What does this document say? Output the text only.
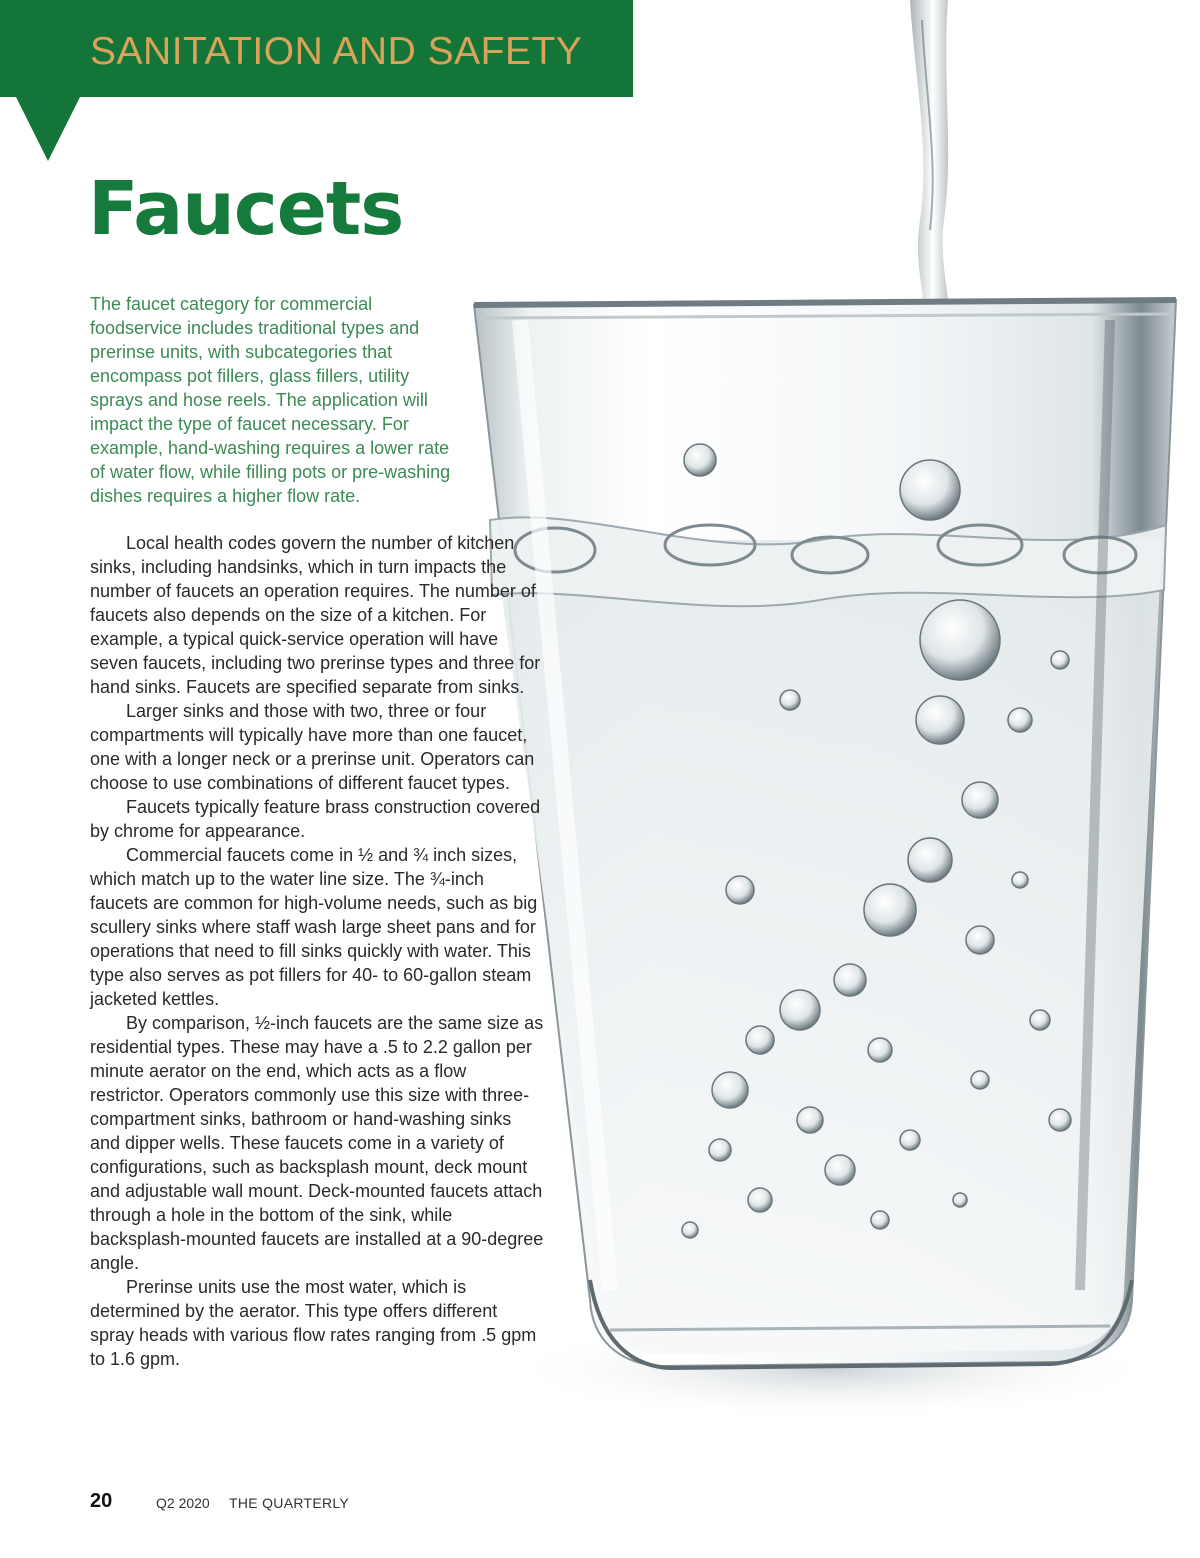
SANITATION AND SAFETY
Faucets
The faucet category for commercial foodservice includes traditional types and prerinse units, with subcategories that encompass pot fillers, glass fillers, utility sprays and hose reels. The application will impact the type of faucet necessary. For example, hand-washing requires a lower rate of water flow, while filling pots or pre-washing dishes requires a higher flow rate.

Local health codes govern the number of kitchen sinks, including handsinks, which in turn impacts the number of faucets an operation requires. The number of faucets also depends on the size of a kitchen. For example, a typical quick-service operation will have seven faucets, including two prerinse types and three for hand sinks. Faucets are specified separate from sinks.

Larger sinks and those with two, three or four compartments will typically have more than one faucet, one with a longer neck or a prerinse unit. Operators can choose to use combinations of different faucet types.

Faucets typically feature brass construction covered by chrome for appearance.

Commercial faucets come in ½ and ¾ inch sizes, which match up to the water line size. The ¾-inch faucets are common for high-volume needs, such as big scullery sinks where staff wash large sheet pans and for operations that need to fill sinks quickly with water. This type also serves as pot fillers for 40- to 60-gallon steam jacketed kettles.

By comparison, ½-inch faucets are the same size as residential types. These may have a .5 to 2.2 gallon per minute aerator on the end, which acts as a flow restrictor. Operators commonly use this size with three-compartment sinks, bathroom or hand-washing sinks and dipper wells. These faucets come in a variety of configurations, such as backsplash mount, deck mount and adjustable wall mount. Deck-mounted faucets attach through a hole in the bottom of the sink, while backsplash-mounted faucets are installed at a 90-degree angle.

Prerinse units use the most water, which is determined by the aerator. This type offers different spray heads with various flow rates ranging from .5 gpm to 1.6 gpm.

20	Q2 2020 THE QUARTERLY
